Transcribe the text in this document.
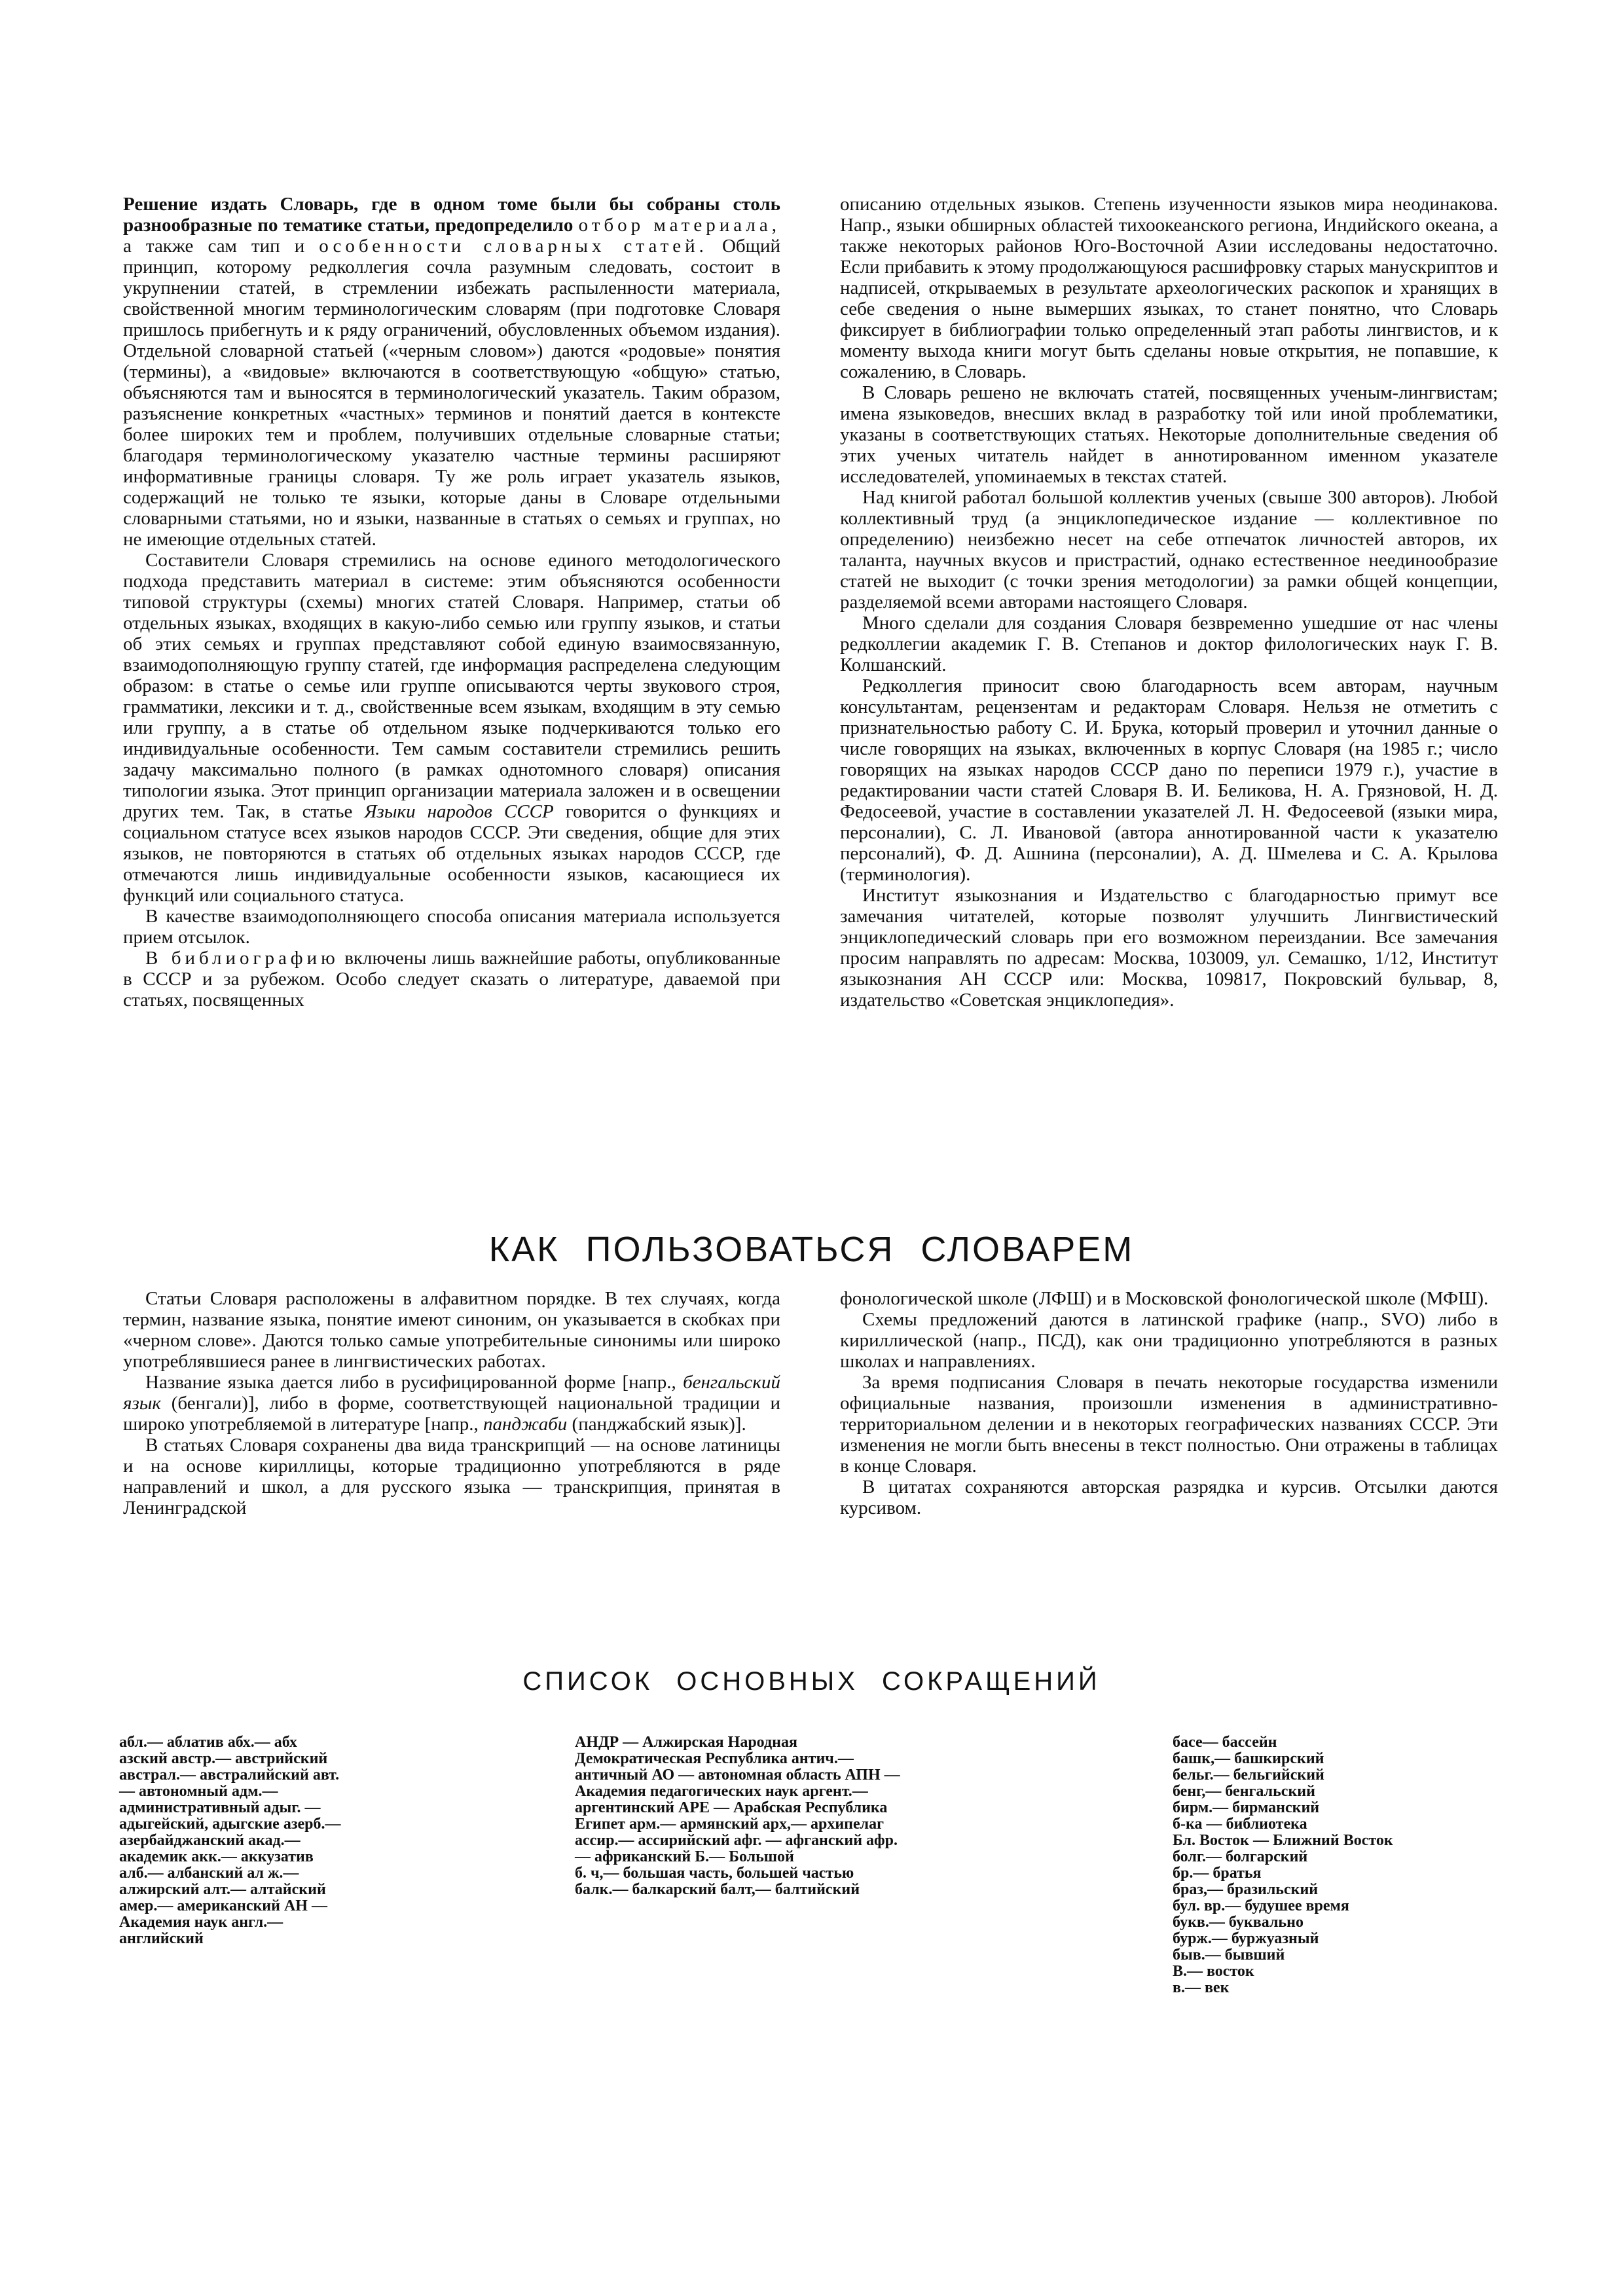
Решение издать Словарь, где в одном томе были бы собраны столь разнообразные по тематике статьи, предопределило отбор материала, а также сам тип и особенности словарных статей. Общий принцип, которому редколлегия сочла разумным следовать, состоит в укрупнении статей, в стремлении избежать распыленности материала, свойственной многим терминологическим словарям (при подготовке Словаря пришлось прибегнуть и к ряду ограничений, обусловленных объемом издания). Отдельной словарной статьей («черным словом») даются «родовые» понятия (термины), а «видовые» включаются в соответствующую «общую» статью, объясняются там и выносятся в терминологический указатель. Таким образом, разъяснение конкретных «частных» терминов и понятий дается в контексте более широких тем и проблем, получивших отдельные словарные статьи; благодаря терминологическому указателю частные термины расширяют информативные границы словаря. Ту же роль играет указатель языков, содержащий не только те языки, которые даны в Словаре отдельными словарными статьями, но и языки, названные в статьях о семьях и группах, но не имеющие отдельных статей.

Составители Словаря стремились на основе единого методологического подхода представить материал в системе: этим объясняются особенности типовой структуры (схемы) многих статей Словаря. Например, статьи об отдельных языках, входящих в какую-либо семью или группу языков, и статьи об этих семьях и группах представляют собой единую взаимосвязанную, взаимодополняющую группу статей, где информация распределена следующим образом: в статье о семье или группе описываются черты звукового строя, грамматики, лексики и т. д., свойственные всем языкам, входящим в эту семью или группу, а в статье об отдельном языке подчеркиваются только его индивидуальные особенности. Тем самым составители стремились решить задачу максимально полного (в рамках однотомного словаря) описания типологии языка. Этот принцип организации материала заложен и в освещении других тем. Так, в статье Языки народов СССР говорится о функциях и социальном статусе всех языков народов СССР. Эти сведения, общие для этих языков, не повторяются в статьях об отдельных языках народов СССР, где отмечаются лишь индивидуальные особенности языков, касающиеся их функций или социального статуса.

В качестве взаимодополняющего способа описания материала используется прием отсылок.

В библиографию включены лишь важнейшие работы, опубликованные в СССР и за рубежом. Особо следует сказать о литературе, даваемой при статьях, посвященных

описанию отдельных языков. Степень изученности языков мира неодинакова. Напр., языки обширных областей тихоокеанского региона, Индийского океана, а также некоторых районов Юго-Восточной Азии исследованы недостаточно. Если прибавить к этому продолжающуюся расшифровку старых манускриптов и надписей, открываемых в результате археологических раскопок и хранящих в себе сведения о ныне вымерших языках, то станет понятно, что Словарь фиксирует в библиографии только определенный этап работы лингвистов, и к моменту выхода книги могут быть сделаны новые открытия, не попавшие, к сожалению, в Словарь.

В Словарь решено не включать статей, посвященных ученым-лингвистам; имена языковедов, внесших вклад в разработку той или иной проблематики, указаны в соответствующих статьях. Некоторые дополнительные сведения об этих ученых читатель найдет в аннотированном именном указателе исследователей, упоминаемых в текстах статей.

Над книгой работал большой коллектив ученых (свыше 300 авторов). Любой коллективный труд (а энциклопедическое издание — коллективное по определению) неизбежно несет на себе отпечаток личностей авторов, их таланта, научных вкусов и пристрастий, однако естественное неединообразие статей не выходит (с точки зрения методологии) за рамки общей концепции, разделяемой всеми авторами настоящего Словаря.

Много сделали для создания Словаря безвременно ушедшие от нас члены редколлегии академик Г. В. Степанов и доктор филологических наук Г. В. Колшанский.

Редколлегия приносит свою благодарность всем авторам, научным консультантам, рецензентам и редакторам Словаря. Нельзя не отметить с признательностью работу С. И. Брука, который проверил и уточнил данные о числе говорящих на языках, включенных в корпус Словаря (на 1985 г.; число говорящих на языках народов СССР дано по переписи 1979 г.), участие в редактировании части статей Словаря В. И. Беликова, Н. А. Грязновой, Н. Д. Федосеевой, участие в составлении указателей Л. Н. Федосеевой (языки мира, персоналии), С. Л. Ивановой (автора аннотированной части к указателю персоналий), Ф. Д. Ашнина (персоналии), А. Д. Шмелева и С. А. Крылова (терминология).

Институт языкознания и Издательство с благодарностью примут все замечания читателей, которые позволят улучшить Лингвистический энциклопедический словарь при его возможном переиздании. Все замечания просим направлять по адресам: Москва, 103009, ул. Семашко, 1/12, Институт языкознания АН СССР или: Москва, 109817, Покровский бульвар, 8, издательство «Советская энциклопедия».

КАК ПОЛЬЗОВАТЬСЯ СЛОВАРЕМ

Статьи Словаря расположены в алфавитном порядке. В тех случаях, когда термин, название языка, понятие имеют синоним, он указывается в скобках при «черном слове». Даются только самые употребительные синонимы или широко употреблявшиеся ранее в лингвистических работах.

Название языка дается либо в русифицированной форме [напр., бенгальский язык (бенгали)], либо в форме, соответствующей национальной традиции и широко употребляемой в литературе [напр., панджаби (панджабский язык)].

В статьях Словаря сохранены два вида транскрипций — на основе латиницы и на основе кириллицы, которые традиционно употребляются в ряде направлений и школ, а для русского языка — транскрипция, принятая в Ленинградской

фонологической школе (ЛФШ) и в Московской фонологической школе (МФШ).

Схемы предложений даются в латинской графике (напр., SVO) либо в кириллической (напр., ПСД), как они традиционно употребляются в разных школах и направлениях.

За время подписания Словаря в печать некоторые государства изменили официальные названия, произошли изменения в административно-территориальном делении и в некоторых географических названиях СССР. Эти изменения не могли быть внесены в текст полностью. Они отражены в таблицах в конце Словаря.

В цитатах сохраняются авторская разрядка и курсив. Отсылки даются курсивом.

СПИСОК ОСНОВНЫХ СОКРАЩЕНИЙ
абл.— аблатив абх.— абх
азский австр.— австрийский
австрал.— австралийский авт.
— автономный адм.—
административный адыг. —
адыгейский, адыгские азерб.—
азербайджанский акад.—
академик акк.— аккузатив
алб.— албанский ал ж.—
алжирский алт.— алтайский
амер.— американский АН —
Академия наук англ.—
английский
АНДР — Алжирская Народная
Демократическая Республика антич.—
античный АО — автономная область АПН —
Академия педагогических наук аргент.—
аргентинский АРЕ — Арабская Республика
Египет арм.— армянский арх,— архипелаг
ассир.— ассирийский афг. — афганский афр.
— африканский Б.— Большой
б. ч,— большая часть, большей частью
балк.— балкарский балт,— балтийский
басе— бассейн
башк,— башкирский
бельг.— бельгийский
бенг,— бенгальский
бирм.— бирманский
б-ка — библиотека
Бл. Восток — Ближний Восток
болг.— болгарский
бр.— братья
браз,— бразильский
бул. вр.— будушее время
букв.— буквально
бурж.— буржуазный
быв.— бывший
В.— восток
в.— век
